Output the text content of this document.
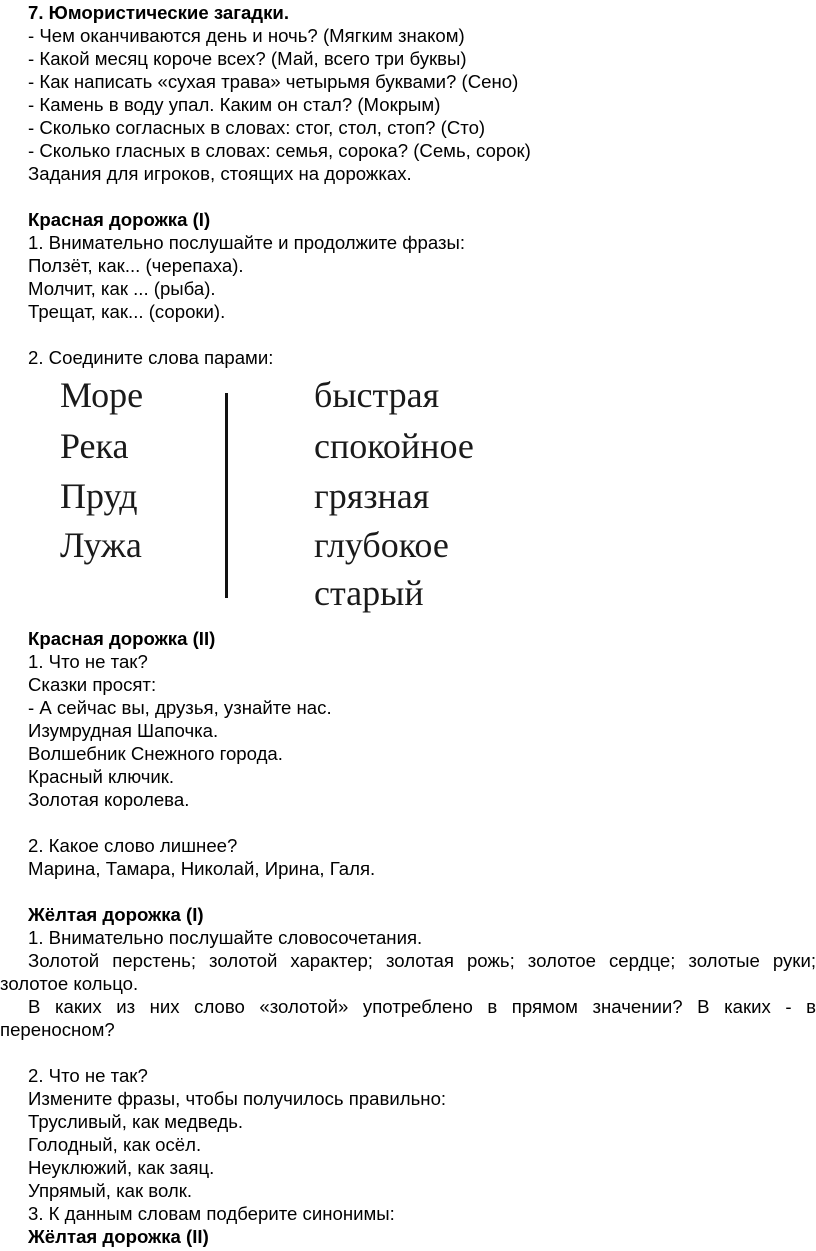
7. Юмористические загадки.
- Чем оканчиваются день и ночь? (Мягким знаком)
- Какой месяц короче всех? (Май, всего три буквы)
- Как написать «сухая трава» четырьмя буквами? (Сено)
- Камень в воду упал. Каким он стал? (Мокрым)
- Сколько согласных в словах: стог, стол, стоп? (Сто)
- Сколько гласных в словах: семья, сорока? (Семь, сорок)
Задания для игроков, стоящих на дорожках.
Красная дорожка (I)
1. Внимательно послушайте и продолжите фразы:
Ползёт, как... (черепаха).
Молчит, как ... (рыба).
Трещат, как... (сороки).
2. Соедините слова парами:
Море
Река
Пруд
Лужа
быстрая
спокойное
грязная
глубокое
старый
Красная дорожка (II)
1. Что не так?
Сказки просят:
- А сейчас вы, друзья, узнайте нас.
Изумрудная Шапочка.
Волшебник Снежного города.
Красный ключик.
Золотая королева.
2. Какое слово лишнее?
Марина, Тамара, Николай, Ирина, Галя.
Жёлтая дорожка (I)
1. Внимательно послушайте словосочетания.
Золотой перстень; золотой характер; золотая рожь; золотое сердце; золотые руки;
золотое кольцо.
В каких из них слово «золотой» употреблено в прямом значении? В каких - в
переносном?
2. Что не так?
Измените фразы, чтобы получилось правильно:
Трусливый, как медведь.
Голодный, как осёл.
Неуклюжий, как заяц.
Упрямый, как волк.
3. К данным словам подберите синонимы:
Жёлтая дорожка (II)
